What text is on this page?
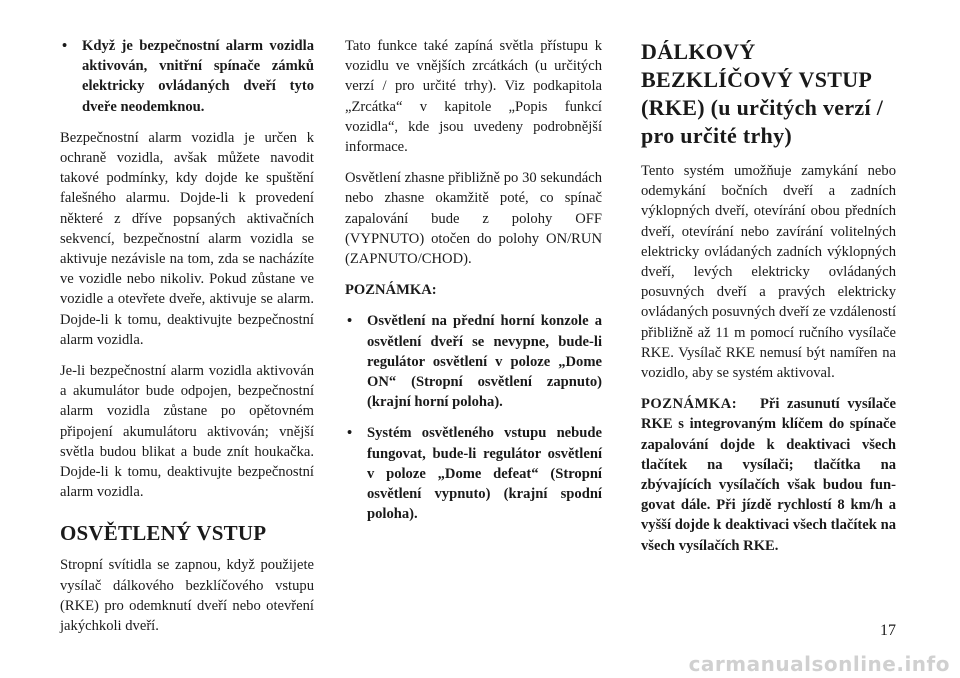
• Když je bezpečnostní alarm vozidla aktivován, vnitřní spínače zámků elektricky ovládaných dveří tyto dveře neodemknou.

Bezpečnostní alarm vozidla je určen k ochraně vozidla, avšak můžete navodit takové podmínky, kdy dojde ke spuštění falešného alarmu. Dojde-li k provedení některé z dříve popsaných aktivačních sekvencí, bezpečnostní alarm vozidla se aktivuje nezávisle na tom, zda se nacházíte ve vozidle nebo nikoliv. Pokud zůstane ve vozidle a otevřete dveře, aktivuje se alarm. Dojde-li k tomu, deaktivujte bezpečnostní alarm vozidla.

Je-li bezpečnostní alarm vozidla aktivován a akumulátor bude odpojen, bezpečnostní alarm vozidla zůstane po opětovném připojení akumulátoru aktivován; vnější světla budou blikat a bude znít houkačka. Dojde-li k tomu, deaktivujte bezpečnostní alarm vozidla.

OSVĚTLENÝ VSTUP

Stropní svítidla se zapnou, když použijete vysílač dálkového bezklíčového vstupu (RKE) pro odemknutí dveří nebo otevření jakýchkoli dveří.

Tato funkce také zapíná světla přístupu k vozidlu ve vnějších zrcátkách (u určitých verzí / pro určité trhy). Viz podkapitola „Zrcátka“ v kapitole „Popis funkcí vozidla“, kde jsou uvedeny podrobnější informace.

Osvětlení zhasne přibližně po 30 sekundách nebo zhasne okamžitě poté, co spínač zapalování bude z polohy OFF (VYPNUTO) otočen do polohy ON/RUN (ZAPNUTO/CHOD).

POZNÁMKA:

• Osvětlení na přední horní konzole a osvětlení dveří se nevypne, bude-li regulátor osvětlení v poloze „Dome ON“ (Stropní osvětlení zapnuto) (krajní horní poloha).
• Systém osvětleného vstupu nebude fungovat, bude-li regulátor osvětlení v poloze „Dome defeat“ (Stropní osvětlení vypnuto) (krajní spodní poloha).
DÁLKOVÝ BEZKLÍČOVÝ VSTUP (RKE) (u určitých verzí / pro určité trhy)

Tento systém umožňuje zamykání nebo odemykání bočních dveří a zadních výklopných dveří, otevírání obou předních dveří, otevírání nebo zavírání volitelných elektricky ovládaných zadních výklopných dveří, levých elektricky ovládaných posuvných dveří a pravých elektricky ovládaných posuvných dveří ze vzdáleností přibližně až 11 m pomocí ručního vysílače RKE. Vysílač RKE nemusí být namířen na vozidlo, aby se systém aktivoval.

POZNÁMKA: Při zasunutí vysílače RKE s integrovaným klíčem do spínače zapalování dojde k deaktivaci všech tlačítek na vysílači; tlačítka na zbývajících vysílačích však budou fungovat dále. Při jízdě rychlostí 8 km/h a vyšší dojde k deaktivaci všech tlačítek na všech vysílačích RKE.

17
carmanualsonline.info
